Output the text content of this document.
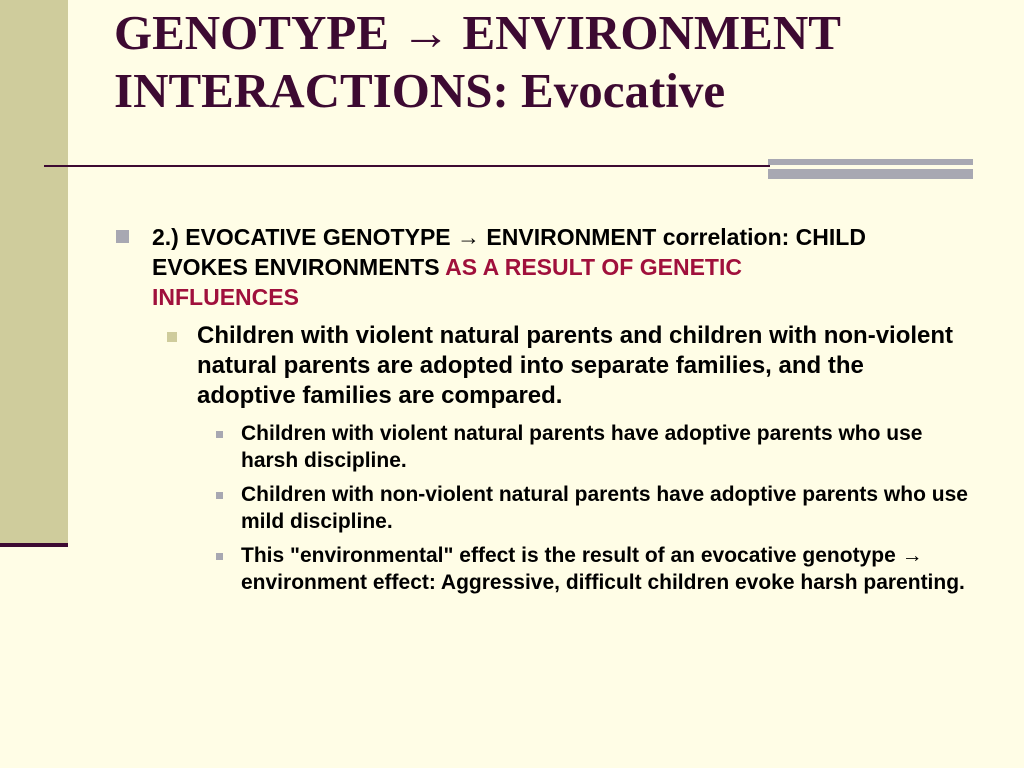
GENOTYPE → ENVIRONMENT
INTERACTIONS: Evocative
2.) EVOCATIVE GENOTYPE → ENVIRONMENT correlation: CHILD EVOKES ENVIRONMENTS AS A RESULT OF GENETIC INFLUENCES
Children with violent natural parents and children with non-violent natural parents are adopted into separate families, and the adoptive families are compared.
Children with violent natural parents have adoptive parents who use harsh discipline.
Children with non-violent natural parents have adoptive parents who use mild discipline.
This "environmental" effect is the result of an evocative genotype → environment effect: Aggressive, difficult children evoke harsh parenting.
